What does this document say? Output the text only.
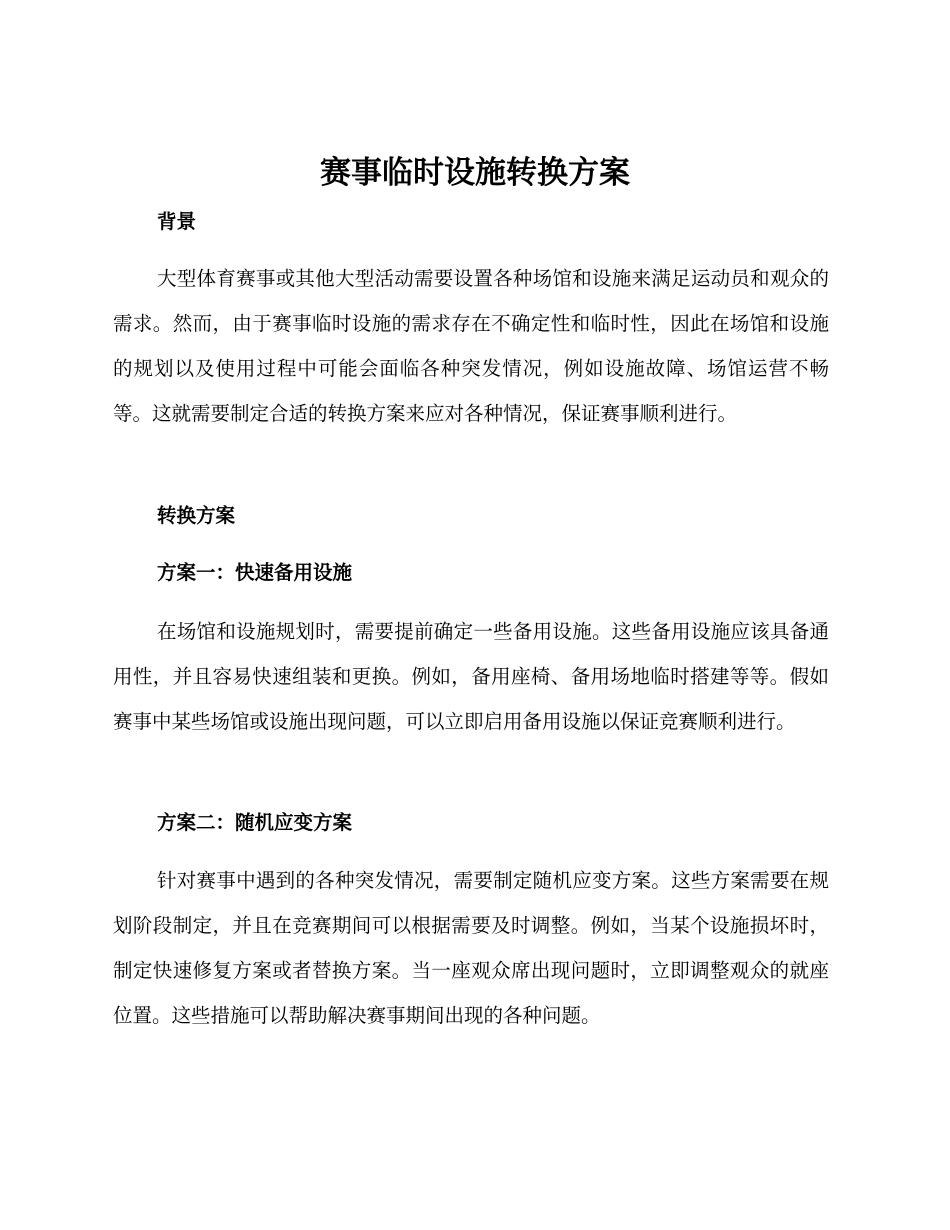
赛事临时设施转换方案
背景

大型体育赛事或其他大型活动需要设置各种场馆和设施来满足运动员和观众的需求。然而，由于赛事临时设施的需求存在不确定性和临时性，因此在场馆和设施的规划以及使用过程中可能会面临各种突发情况，例如设施故障、场馆运营不畅等。这就需要制定合适的转换方案来应对各种情况，保证赛事顺利进行。

转换方案
方案一：快速备用设施

在场馆和设施规划时，需要提前确定一些备用设施。这些备用设施应该具备通用性，并且容易快速组装和更换。例如，备用座椅、备用场地临时搭建等等。假如赛事中某些场馆或设施出现问题，可以立即启用备用设施以保证竞赛顺利进行。

方案二：随机应变方案

针对赛事中遇到的各种突发情况，需要制定随机应变方案。这些方案需要在规划阶段制定，并且在竞赛期间可以根据需要及时调整。例如，当某个设施损坏时，制定快速修复方案或者替换方案。当一座观众席出现问题时，立即调整观众的就座位置。这些措施可以帮助解决赛事期间出现的各种问题。
